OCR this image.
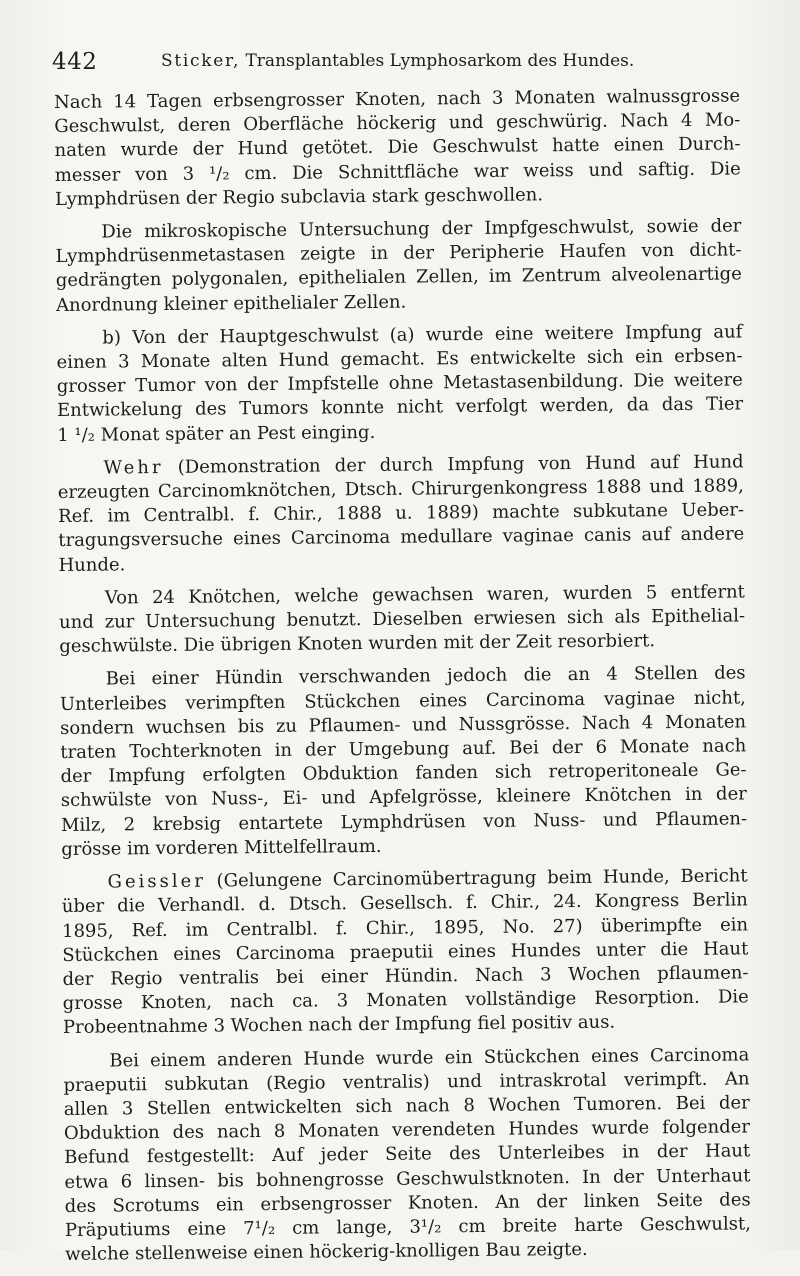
442	Sticker, Transplantables Lymphosarkom des Hundes.
Nach 14 Tagen erbsengrosser Knoten, nach 3 Monaten walnussgrosse
Geschwulst, deren Oberfläche höckerig und geschwürig. Nach 4 Mo-
naten wurde der Hund getötet. Die Geschwulst hatte einen Durch-
messer von 3 ¹/₂ cm. Die Schnittfläche war weiss und saftig. Die
Lymphdrüsen der Regio subclavia stark geschwollen.
Die mikroskopische Untersuchung der Impfgeschwulst, sowie der
Lymphdrüsenmetastasen zeigte in der Peripherie Haufen von dicht-
gedrängten polygonalen, epithelialen Zellen, im Zentrum alveolenartige
Anordnung kleiner epithelialer Zellen.
b) Von der Hauptgeschwulst (a) wurde eine weitere Impfung auf
einen 3 Monate alten Hund gemacht. Es entwickelte sich ein erbsen-
grosser Tumor von der Impfstelle ohne Metastasenbildung. Die weitere
Entwickelung des Tumors konnte nicht verfolgt werden, da das Tier
1 ¹/₂ Monat später an Pest einging.
Wehr (Demonstration der durch Impfung von Hund auf Hund
erzeugten Carcinomknötchen, Dtsch. Chirurgenkongress 1888 und 1889,
Ref. im Centralbl. f. Chir., 1888 u. 1889) machte subkutane Ueber-
tragungsversuche eines Carcinoma medullare vaginae canis auf andere
Hunde.
Von 24 Knötchen, welche gewachsen waren, wurden 5 entfernt
und zur Untersuchung benutzt. Dieselben erwiesen sich als Epithelial-
geschwülste. Die übrigen Knoten wurden mit der Zeit resorbiert.
Bei einer Hündin verschwanden jedoch die an 4 Stellen des
Unterleibes verimpften Stückchen eines Carcinoma vaginae nicht,
sondern wuchsen bis zu Pflaumen- und Nussgrösse. Nach 4 Monaten
traten Tochterknoten in der Umgebung auf. Bei der 6 Monate nach
der Impfung erfolgten Obduktion fanden sich retroperitoneale Ge-
schwülste von Nuss-, Ei- und Apfelgrösse, kleinere Knötchen in der
Milz, 2 krebsig entartete Lymphdrüsen von Nuss- und Pflaumen-
grösse im vorderen Mittelfellraum.
Geissler (Gelungene Carcinomübertragung beim Hunde, Bericht
über die Verhandl. d. Dtsch. Gesellsch. f. Chir., 24. Kongress Berlin
1895, Ref. im Centralbl. f. Chir., 1895, No. 27) überimpfte ein
Stückchen eines Carcinoma praeputii eines Hundes unter die Haut
der Regio ventralis bei einer Hündin. Nach 3 Wochen pflaumen-
grosse Knoten, nach ca. 3 Monaten vollständige Resorption. Die
Probeentnahme 3 Wochen nach der Impfung fiel positiv aus.
Bei einem anderen Hunde wurde ein Stückchen eines Carcinoma
praeputii subkutan (Regio ventralis) und intraskrotal verimpft. An
allen 3 Stellen entwickelten sich nach 8 Wochen Tumoren. Bei der
Obduktion des nach 8 Monaten verendeten Hundes wurde folgender
Befund festgestellt: Auf jeder Seite des Unterleibes in der Haut
etwa 6 linsen- bis bohnengrosse Geschwulstknoten. In der Unterhaut
des Scrotums ein erbsengrosser Knoten. An der linken Seite des
Präputiums eine 7¹/₂ cm lange, 3¹/₂ cm breite harte Geschwulst,
welche stellenweise einen höckerig-knolligen Bau zeigte.
